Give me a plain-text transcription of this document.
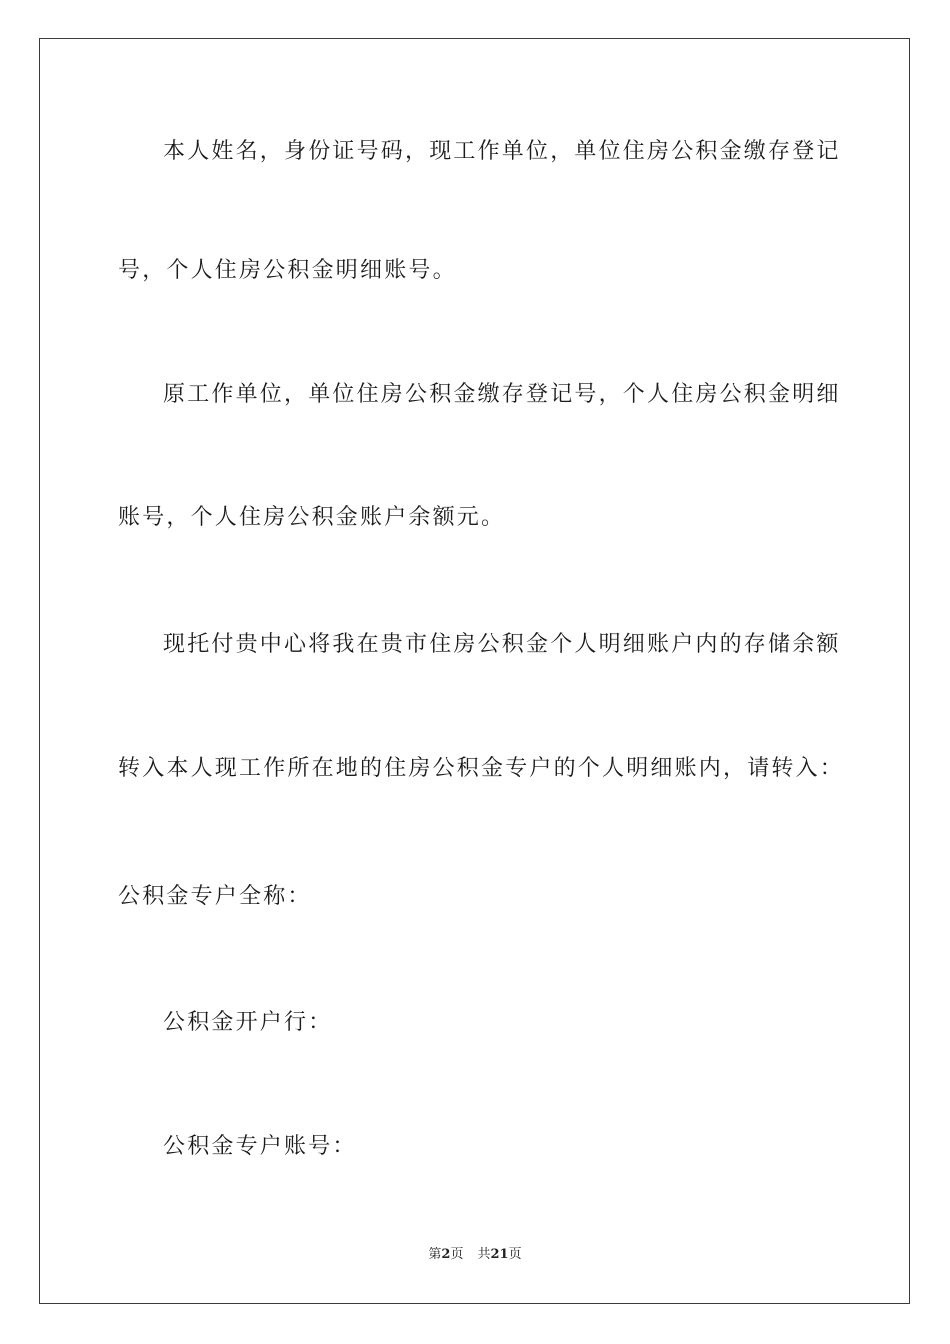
本人姓名，身份证号码，现工作单位，单位住房公积金缴存登记
号，个人住房公积金明细账号。
原工作单位，单位住房公积金缴存登记号，个人住房公积金明细
账号，个人住房公积金账户余额元。
现托付贵中心将我在贵市住房公积金个人明细账户内的存储余额
转入本人现工作所在地的住房公积金专户的个人明细账内，请转入：
公积金专户全称：
公积金开户行：
公积金专户账号：
第2页 共21页
